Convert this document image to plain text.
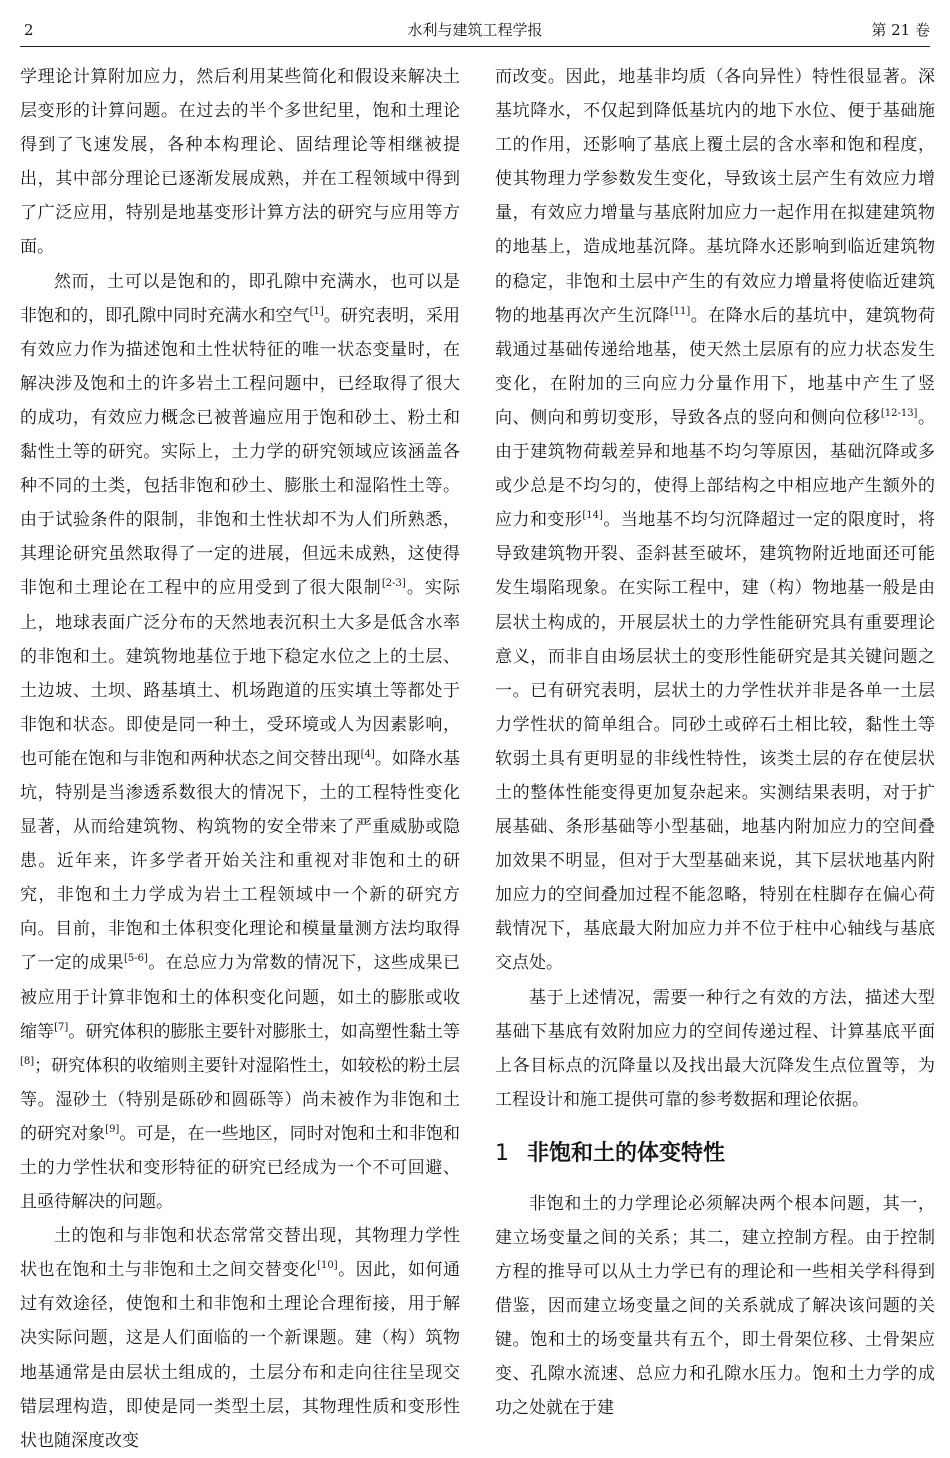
2	水利与建筑工程学报	第 21 卷

学理论计算附加应力，然后利用某些简化和假设来解决土层变形的计算问题。在过去的半个多世纪里，饱和土理论得到了飞速发展，各种本构理论、固结理论等相继被提出，其中部分理论已逐渐发展成熟，并在工程领域中得到了广泛应用，特别是地基变形计算方法的研究与应用等方面。

然而，土可以是饱和的，即孔隙中充满水，也可以是非饱和的，即孔隙中同时充满水和空气[1]。研究表明，采用有效应力作为描述饱和土性状特征的唯一状态变量时，在解决涉及饱和土的许多岩土工程问题中，已经取得了很大的成功，有效应力概念已被普遍应用于饱和砂土、粉土和黏性土等的研究。实际上，土力学的研究领域应该涵盖各种不同的土类，包括非饱和砂土、膨胀土和湿陷性土等。由于试验条件的限制，非饱和土性状却不为人们所熟悉，其理论研究虽然取得了一定的进展，但远未成熟，这使得非饱和土理论在工程中的应用受到了很大限制[2-3]。实际上，地球表面广泛分布的天然地表沉积土大多是低含水率的非饱和土。建筑物地基位于地下稳定水位之上的土层、土边坡、土坝、路基填土、机场跑道的压实填土等都处于非饱和状态。即使是同一种土，受环境或人为因素影响，也可能在饱和与非饱和两种状态之间交替出现[4]。如降水基坑，特别是当渗透系数很大的情况下，土的工程特性变化显著，从而给建筑物、构筑物的安全带来了严重威胁或隐患。近年来，许多学者开始关注和重视对非饱和土的研究，非饱和土力学成为岩土工程领域中一个新的研究方向。目前，非饱和土体积变化理论和模量量测方法均取得了一定的成果[5-6]。在总应力为常数的情况下，这些成果已被应用于计算非饱和土的体积变化问题，如土的膨胀或收缩等[7]。研究体积的膨胀主要针对膨胀土，如高塑性黏土等[8]；研究体积的收缩则主要针对湿陷性土，如较松的粉土层等。湿砂土（特别是砾砂和圆砾等）尚未被作为非饱和土的研究对象[9]。可是，在一些地区，同时对饱和土和非饱和土的力学性状和变形特征的研究已经成为一个不可回避、且亟待解决的问题。

土的饱和与非饱和状态常常交替出现，其物理力学性状也在饱和土与非饱和土之间交替变化[10]。因此，如何通过有效途径，使饱和土和非饱和土理论合理衔接，用于解决实际问题，这是人们面临的一个新课题。建（构）筑物地基通常是由层状土组成的，土层分布和走向往往呈现交错层理构造，即使是同一类型土层，其物理性质和变形性状也随深度改变

而改变。因此，地基非均质（各向异性）特性很显著。深基坑降水，不仅起到降低基坑内的地下水位、便于基础施工的作用，还影响了基底上覆土层的含水率和饱和程度，使其物理力学参数发生变化，导致该土层产生有效应力增量，有效应力增量与基底附加应力一起作用在拟建建筑物的地基上，造成地基沉降。基坑降水还影响到临近建筑物的稳定，非饱和土层中产生的有效应力增量将使临近建筑物的地基再次产生沉降[11]。在降水后的基坑中，建筑物荷载通过基础传递给地基，使天然土层原有的应力状态发生变化，在附加的三向应力分量作用下，地基中产生了竖向、侧向和剪切变形，导致各点的竖向和侧向位移[12-13]。由于建筑物荷载差异和地基不均匀等原因，基础沉降或多或少总是不均匀的，使得上部结构之中相应地产生额外的应力和变形[14]。当地基不均匀沉降超过一定的限度时，将导致建筑物开裂、歪斜甚至破坏，建筑物附近地面还可能发生塌陷现象。在实际工程中，建（构）物地基一般是由层状土构成的，开展层状土的力学性能研究具有重要理论意义，而非自由场层状土的变形性能研究是其关键问题之一。已有研究表明，层状土的力学性状并非是各单一土层力学性状的简单组合。同砂土或碎石土相比较，黏性土等软弱土具有更明显的非线性特性，该类土层的存在使层状土的整体性能变得更加复杂起来。实测结果表明，对于扩展基础、条形基础等小型基础，地基内附加应力的空间叠加效果不明显，但对于大型基础来说，其下层状地基内附加应力的空间叠加过程不能忽略，特别在柱脚存在偏心荷载情况下，基底最大附加应力并不位于柱中心轴线与基底交点处。

基于上述情况，需要一种行之有效的方法，描述大型基础下基底有效附加应力的空间传递过程、计算基底平面上各目标点的沉降量以及找出最大沉降发生点位置等，为工程设计和施工提供可靠的参考数据和理论依据。

1 非饱和土的体变特性

非饱和土的力学理论必须解决两个根本问题，其一，建立场变量之间的关系；其二，建立控制方程。由于控制方程的推导可以从土力学已有的理论和一些相关学科得到借鉴，因而建立场变量之间的关系就成了解决该问题的关键。饱和土的场变量共有五个，即土骨架位移、土骨架应变、孔隙水流速、总应力和孔隙水压力。饱和土力学的成功之处就在于建
